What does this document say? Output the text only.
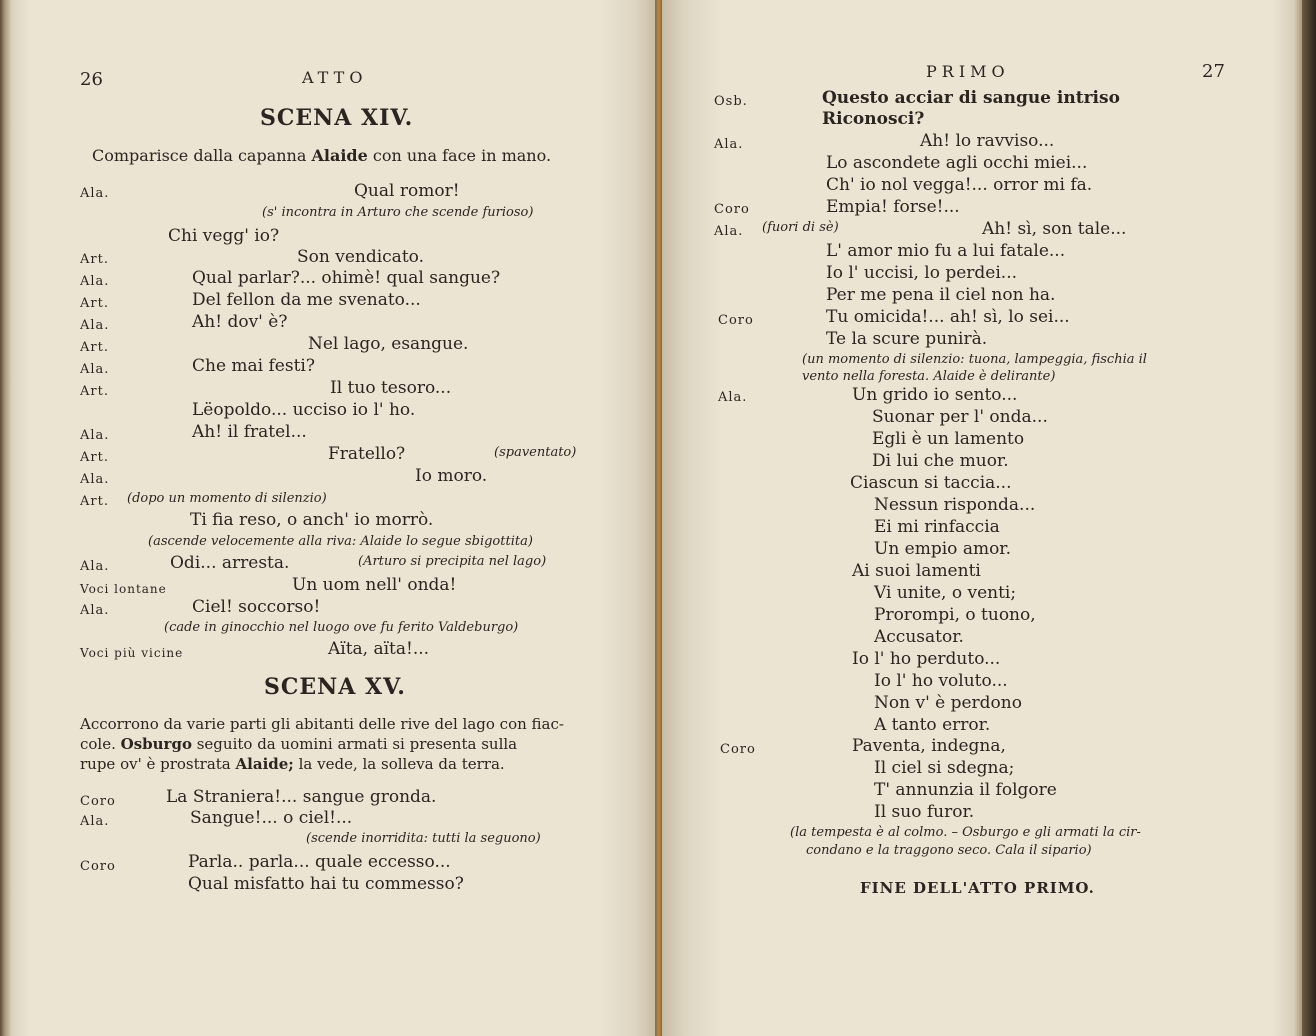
26	ATTO
SCENA XIV.
Comparisce dalla capanna Alaide con una face in mano.
Ala.	Qual romor!
(s' incontra in Arturo che scende furioso)
Chi vegg' io?
Art.	Son vendicato.
Ala.	Qual parlar?... ohimè! qual sangue?
Art.	Del fellon da me svenato...
Ala.	Ah! dov' è?
Art.	Nel lago, esangue.
Ala.	Che mai festi?
Art.	Il tuo tesoro...
Lëopoldo... ucciso io l' ho.
Ala.	Ah! il fratel...
Art.	Fratello?	(spaventato)
Ala.	Io moro.
Art. (dopo un momento di silenzio)
Ti fia reso, o anch' io morrò.
(ascende velocemente alla riva: Alaide lo segue sbigottita)
Ala.	Odi... arresta.	(Arturo si precipita nel lago)
Voci lontane	Un uom nell' onda!
Ala.	Ciel! soccorso!
(cade in ginocchio nel luogo ove fu ferito Valdeburgo)
Voci più vicine	Aïta, aïta!...
SCENA XV.
Accorrono da varie parti gli abitanti delle rive del lago con fiac-
cole. Osburgo seguito da uomini armati si presenta sulla
rupe ov' è prostrata Alaide; la vede, la solleva da terra.
Coro	La Straniera!... sangue gronda.
Ala.	Sangue!... o ciel!...
(scende inorridita: tutti la seguono)
Coro	Parla.. parla... quale eccesso...
Qual misfatto hai tu commesso?
PRIMO	27
Osb.	Questo acciar di sangue intriso
Riconosci?
Ala.	Ah! lo ravviso...
Lo ascondete agli occhi miei...
Ch' io nol vegga!... orror mi fa.
Coro	Empia! forse!...
Ala. (fuori di sè)	Ah! sì, son tale...
L' amor mio fu a lui fatale...
Io l' uccisi, lo perdei...
Per me pena il ciel non ha.
Coro	Tu omicida!... ah! sì, lo sei...
Te la scure punirà.
(un momento di silenzio: tuona, lampeggia, fischia il
vento nella foresta. Alaide è delirante)
Ala.	Un grido io sento...
Suonar per l' onda...
Egli è un lamento
Di lui che muor.
Ciascun si taccia...
Nessun risponda...
Ei mi rinfaccia
Un empio amor.
Ai suoi lamenti
Vi unite, o venti;
Prorompi, o tuono,
Accusator.
Io l' ho perduto...
Io l' ho voluto...
Non v' è perdono
A tanto error.
Coro	Paventa, indegna,
Il ciel si sdegna;
T' annunzia il folgore
Il suo furor.
(la tempesta è al colmo. – Osburgo e gli armati la cir-
condano e la traggono seco. Cala il sipario)
FINE DELL'ATTO PRIMO.
